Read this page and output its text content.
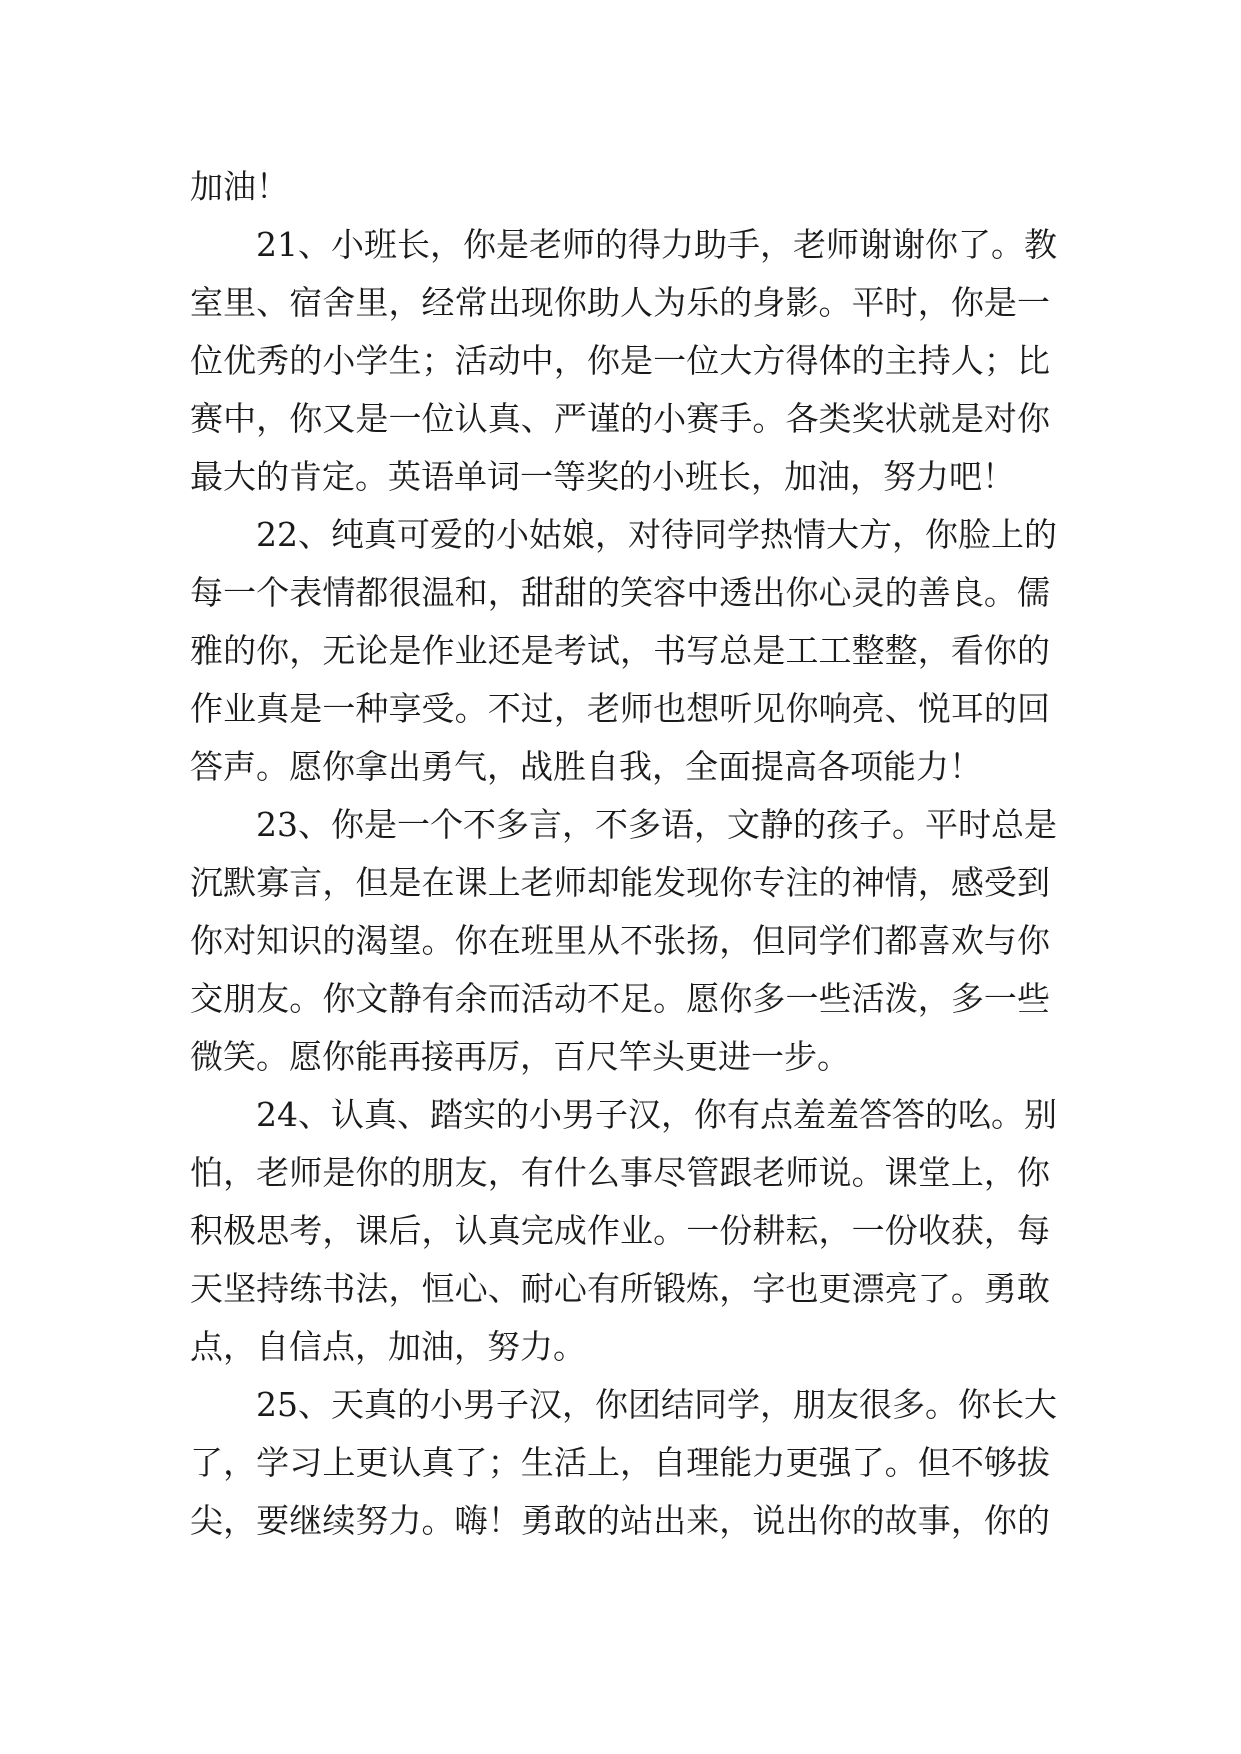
加油！
21、小班长，你是老师的得力助手，老师谢谢你了。教
室里、宿舍里，经常出现你助人为乐的身影。平时，你是一
位优秀的小学生；活动中，你是一位大方得体的主持人；比
赛中，你又是一位认真、严谨的小赛手。各类奖状就是对你
最大的肯定。英语单词一等奖的小班长，加油，努力吧！
22、纯真可爱的小姑娘，对待同学热情大方，你脸上的
每一个表情都很温和，甜甜的笑容中透出你心灵的善良。儒
雅的你，无论是作业还是考试，书写总是工工整整，看你的
作业真是一种享受。不过，老师也想听见你响亮、悦耳的回
答声。愿你拿出勇气，战胜自我，全面提高各项能力！
23、你是一个不多言，不多语，文静的孩子。平时总是
沉默寡言，但是在课上老师却能发现你专注的神情，感受到
你对知识的渴望。你在班里从不张扬，但同学们都喜欢与你
交朋友。你文静有余而活动不足。愿你多一些活泼，多一些
微笑。愿你能再接再厉，百尺竿头更进一步。
24、认真、踏实的小男子汉，你有点羞羞答答的吆。别
怕，老师是你的朋友，有什么事尽管跟老师说。课堂上，你
积极思考，课后，认真完成作业。一份耕耘，一份收获，每
天坚持练书法，恒心、耐心有所锻炼，字也更漂亮了。勇敢
点，自信点，加油，努力。
25、天真的小男子汉，你团结同学，朋友很多。你长大
了，学习上更认真了；生活上，自理能力更强了。但不够拔
尖，要继续努力。嗨！勇敢的站出来，说出你的故事，你的
